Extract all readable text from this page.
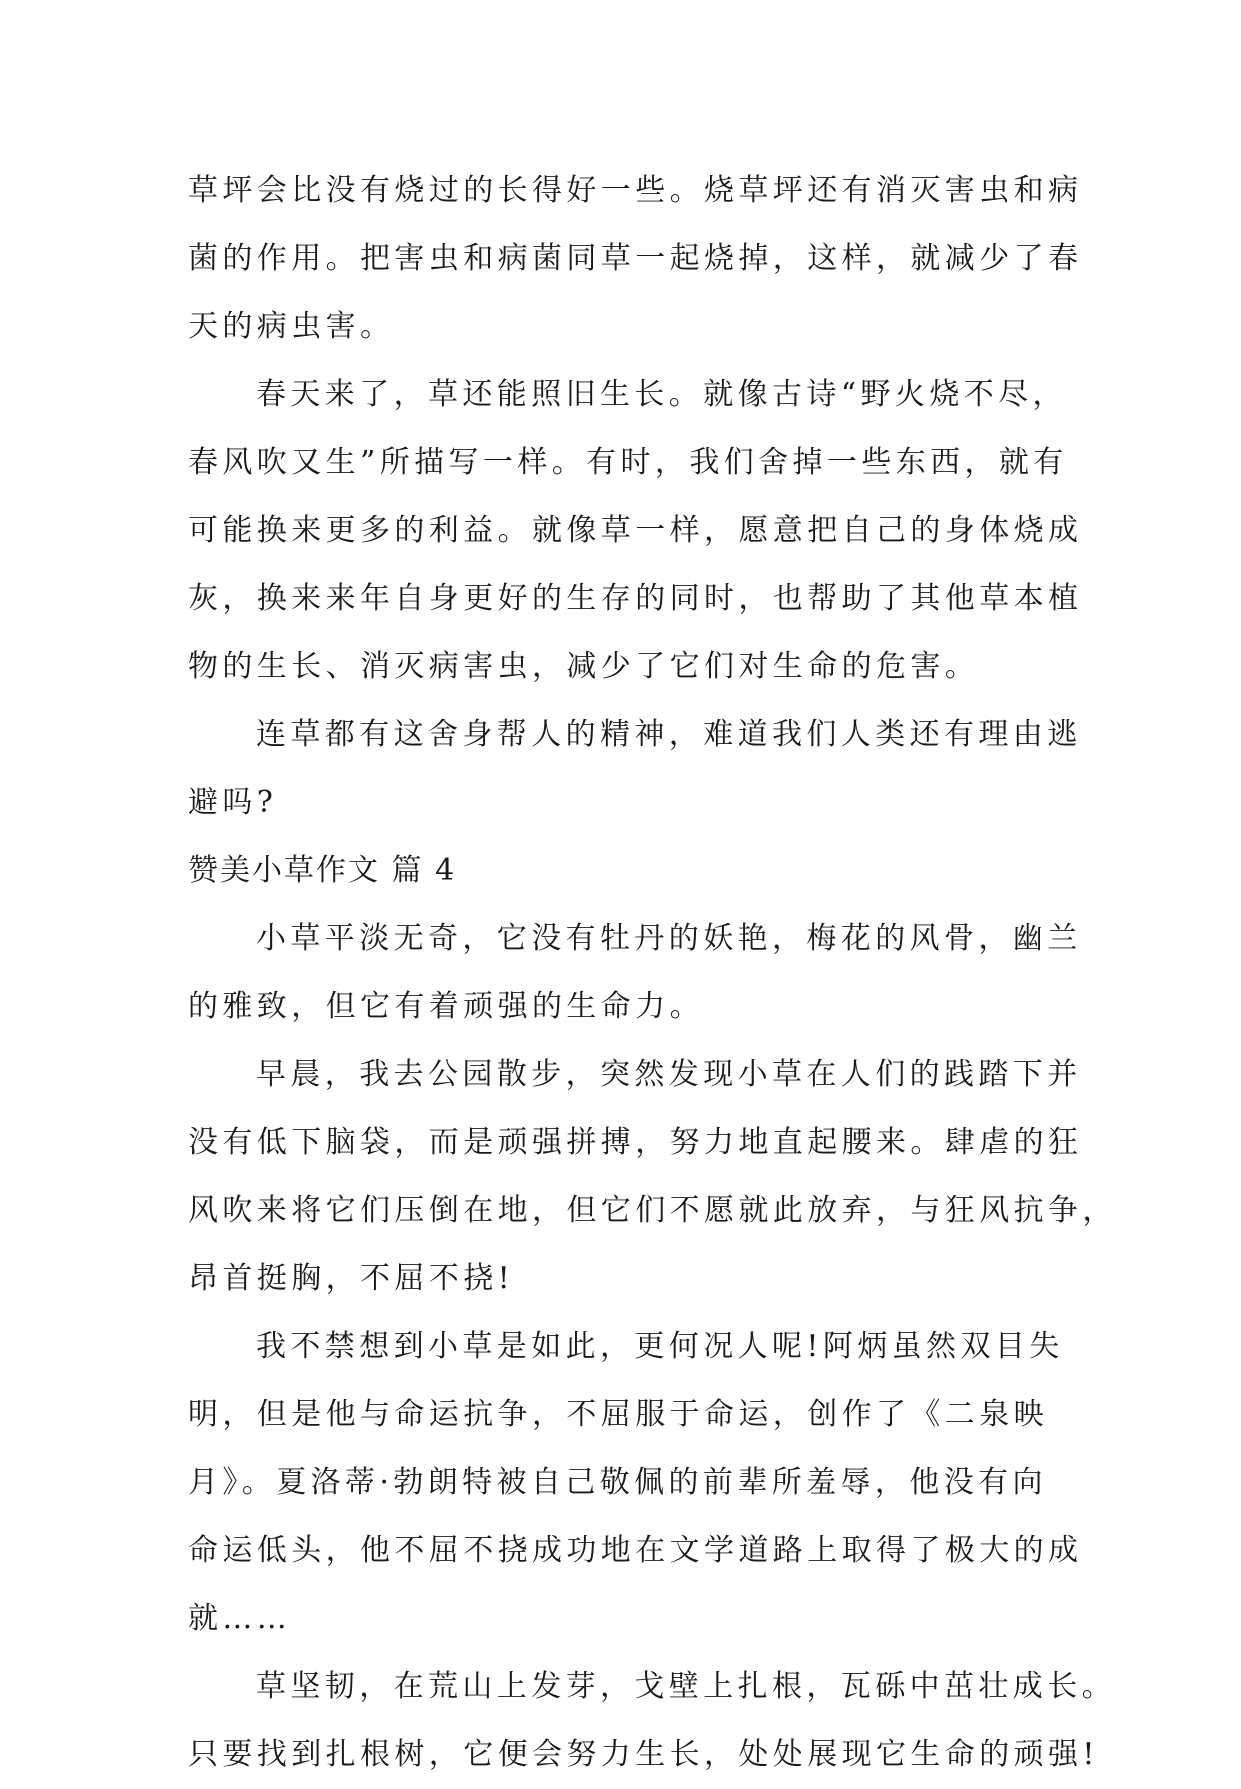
草坪会比没有烧过的长得好一些。烧草坪还有消灭害虫和病
菌的作用。把害虫和病菌同草一起烧掉，这样，就减少了春
天的病虫害。
春天来了，草还能照旧生长。就像古诗“野火烧不尽，
春风吹又生”所描写一样。有时，我们舍掉一些东西，就有
可能换来更多的利益。就像草一样，愿意把自己的身体烧成
灰，换来来年自身更好的生存的同时，也帮助了其他草本植
物的生长、消灭病害虫，减少了它们对生命的危害。
连草都有这舍身帮人的精神，难道我们人类还有理由逃
避吗?
赞美小草作文 篇 4
小草平淡无奇，它没有牡丹的妖艳，梅花的风骨，幽兰
的雅致，但它有着顽强的生命力。
早晨，我去公园散步，突然发现小草在人们的践踏下并
没有低下脑袋，而是顽强拼搏，努力地直起腰来。肆虐的狂
风吹来将它们压倒在地，但它们不愿就此放弃，与狂风抗争，
昂首挺胸，不屈不挠!
我不禁想到小草是如此，更何况人呢!阿炳虽然双目失
明，但是他与命运抗争，不屈服于命运，创作了《二泉映
月》。夏洛蒂·勃朗特被自己敬佩的前辈所羞辱，他没有向
命运低头，他不屈不挠成功地在文学道路上取得了极大的成
就……
草坚韧，在荒山上发芽，戈壁上扎根，瓦砾中茁壮成长。
只要找到扎根树，它便会努力生长，处处展现它生命的顽强!
